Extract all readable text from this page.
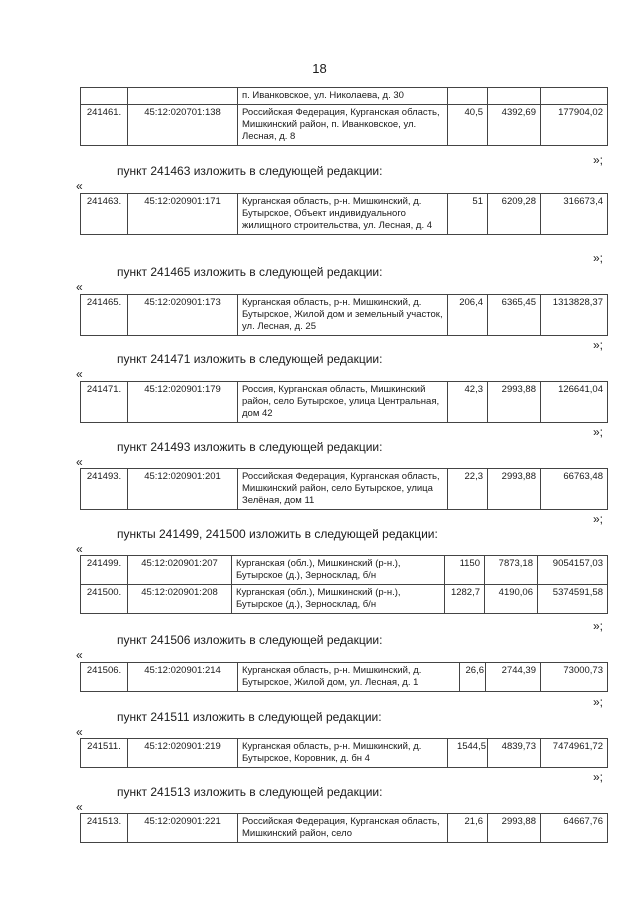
18
		п. Иванковское, ул. Николаева, д. 30			
241461.	45:12:020701:138	Российская Федерация, Курганская область, Мишкинский район, п. Иванковское, ул. Лесная, д. 8	40,5	4392,69	177904,02
»;
пункт 241463 изложить в следующей редакции:
«
241463.	45:12:020901:171	Курганская область, р-н. Мишкинский, д. Бутырское, Объект индивидуального жилищного строительства, ул. Лесная, д. 4	51	6209,28	316673,4
»;
пункт 241465 изложить в следующей редакции:
«
241465.	45:12:020901:173	Курганская область, р-н. Мишкинский, д. Бутырское, Жилой дом и земельный участок, ул. Лесная, д. 25	206,4	6365,45	1313828,37
»;
пункт 241471 изложить в следующей редакции:
«
241471.	45:12:020901:179	Россия, Курганская область, Мишкинский район, село Бутырское, улица Центральная, дом 42	42,3	2993,88	126641,04
»;
пункт 241493 изложить в следующей редакции:
«
241493.	45:12:020901:201	Российская Федерация, Курганская область, Мишкинский район, село Бутырское, улица Зелёная, дом 11	22,3	2993,88	66763,48
»;
пункты 241499, 241500 изложить в следующей редакции:
«
241499.	45:12:020901:207	Курганская (обл.), Мишкинский (р-н.), Бутырское (д.), Зерносклад, б/н	1150	7873,18	9054157,03
241500.	45:12:020901:208	Курганская (обл.), Мишкинский (р-н.), Бутырское (д.), Зерносклад, б/н	1282,7	4190,06	5374591,58
»;
пункт 241506 изложить в следующей редакции:
«
241506.	45:12:020901:214	Курганская область, р-н. Мишкинский, д. Бутырское, Жилой дом, ул. Лесная, д. 1	26,6	2744,39	73000,73
»;
пункт 241511 изложить в следующей редакции:
«
241511.	45:12:020901:219	Курганская область, р-н. Мишкинский, д. Бутырское, Коровник, д. бн 4	1544,5	4839,73	7474961,72
»;
пункт 241513 изложить в следующей редакции:
«
241513.	45:12:020901:221	Российская Федерация, Курганская область, Мишкинский район, село	21,6	2993,88	64667,76
